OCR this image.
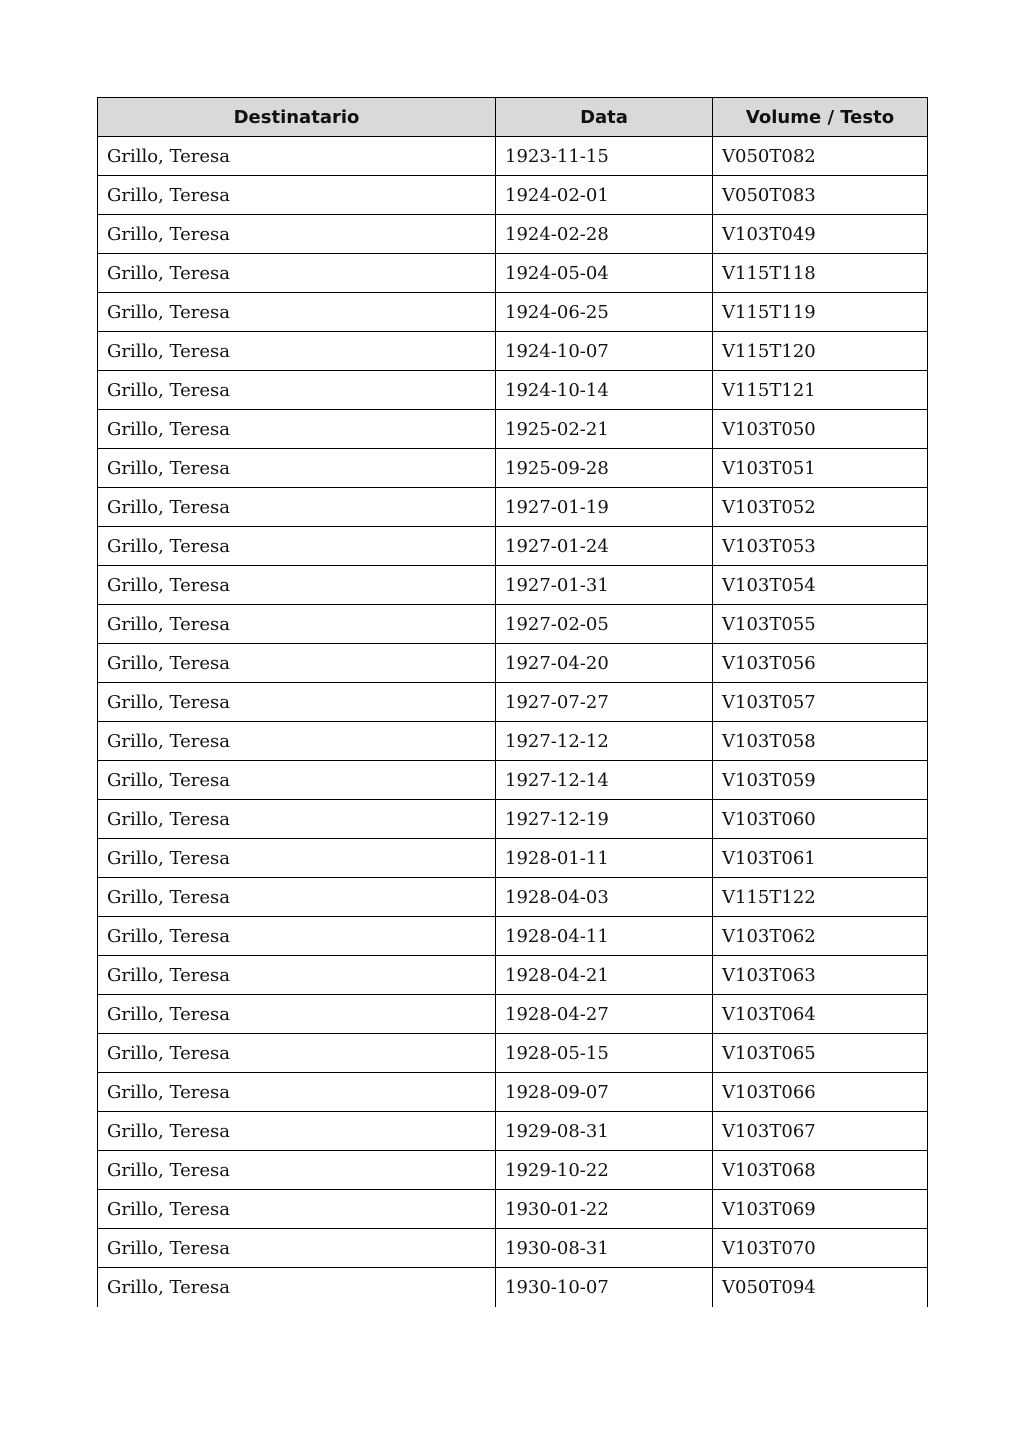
Destinatario	Data	Volume / Testo
Grillo, Teresa	1923-11-15	V050T082
Grillo, Teresa	1924-02-01	V050T083
Grillo, Teresa	1924-02-28	V103T049
Grillo, Teresa	1924-05-04	V115T118
Grillo, Teresa	1924-06-25	V115T119
Grillo, Teresa	1924-10-07	V115T120
Grillo, Teresa	1924-10-14	V115T121
Grillo, Teresa	1925-02-21	V103T050
Grillo, Teresa	1925-09-28	V103T051
Grillo, Teresa	1927-01-19	V103T052
Grillo, Teresa	1927-01-24	V103T053
Grillo, Teresa	1927-01-31	V103T054
Grillo, Teresa	1927-02-05	V103T055
Grillo, Teresa	1927-04-20	V103T056
Grillo, Teresa	1927-07-27	V103T057
Grillo, Teresa	1927-12-12	V103T058
Grillo, Teresa	1927-12-14	V103T059
Grillo, Teresa	1927-12-19	V103T060
Grillo, Teresa	1928-01-11	V103T061
Grillo, Teresa	1928-04-03	V115T122
Grillo, Teresa	1928-04-11	V103T062
Grillo, Teresa	1928-04-21	V103T063
Grillo, Teresa	1928-04-27	V103T064
Grillo, Teresa	1928-05-15	V103T065
Grillo, Teresa	1928-09-07	V103T066
Grillo, Teresa	1929-08-31	V103T067
Grillo, Teresa	1929-10-22	V103T068
Grillo, Teresa	1930-01-22	V103T069
Grillo, Teresa	1930-08-31	V103T070
Grillo, Teresa	1930-10-07	V050T094
